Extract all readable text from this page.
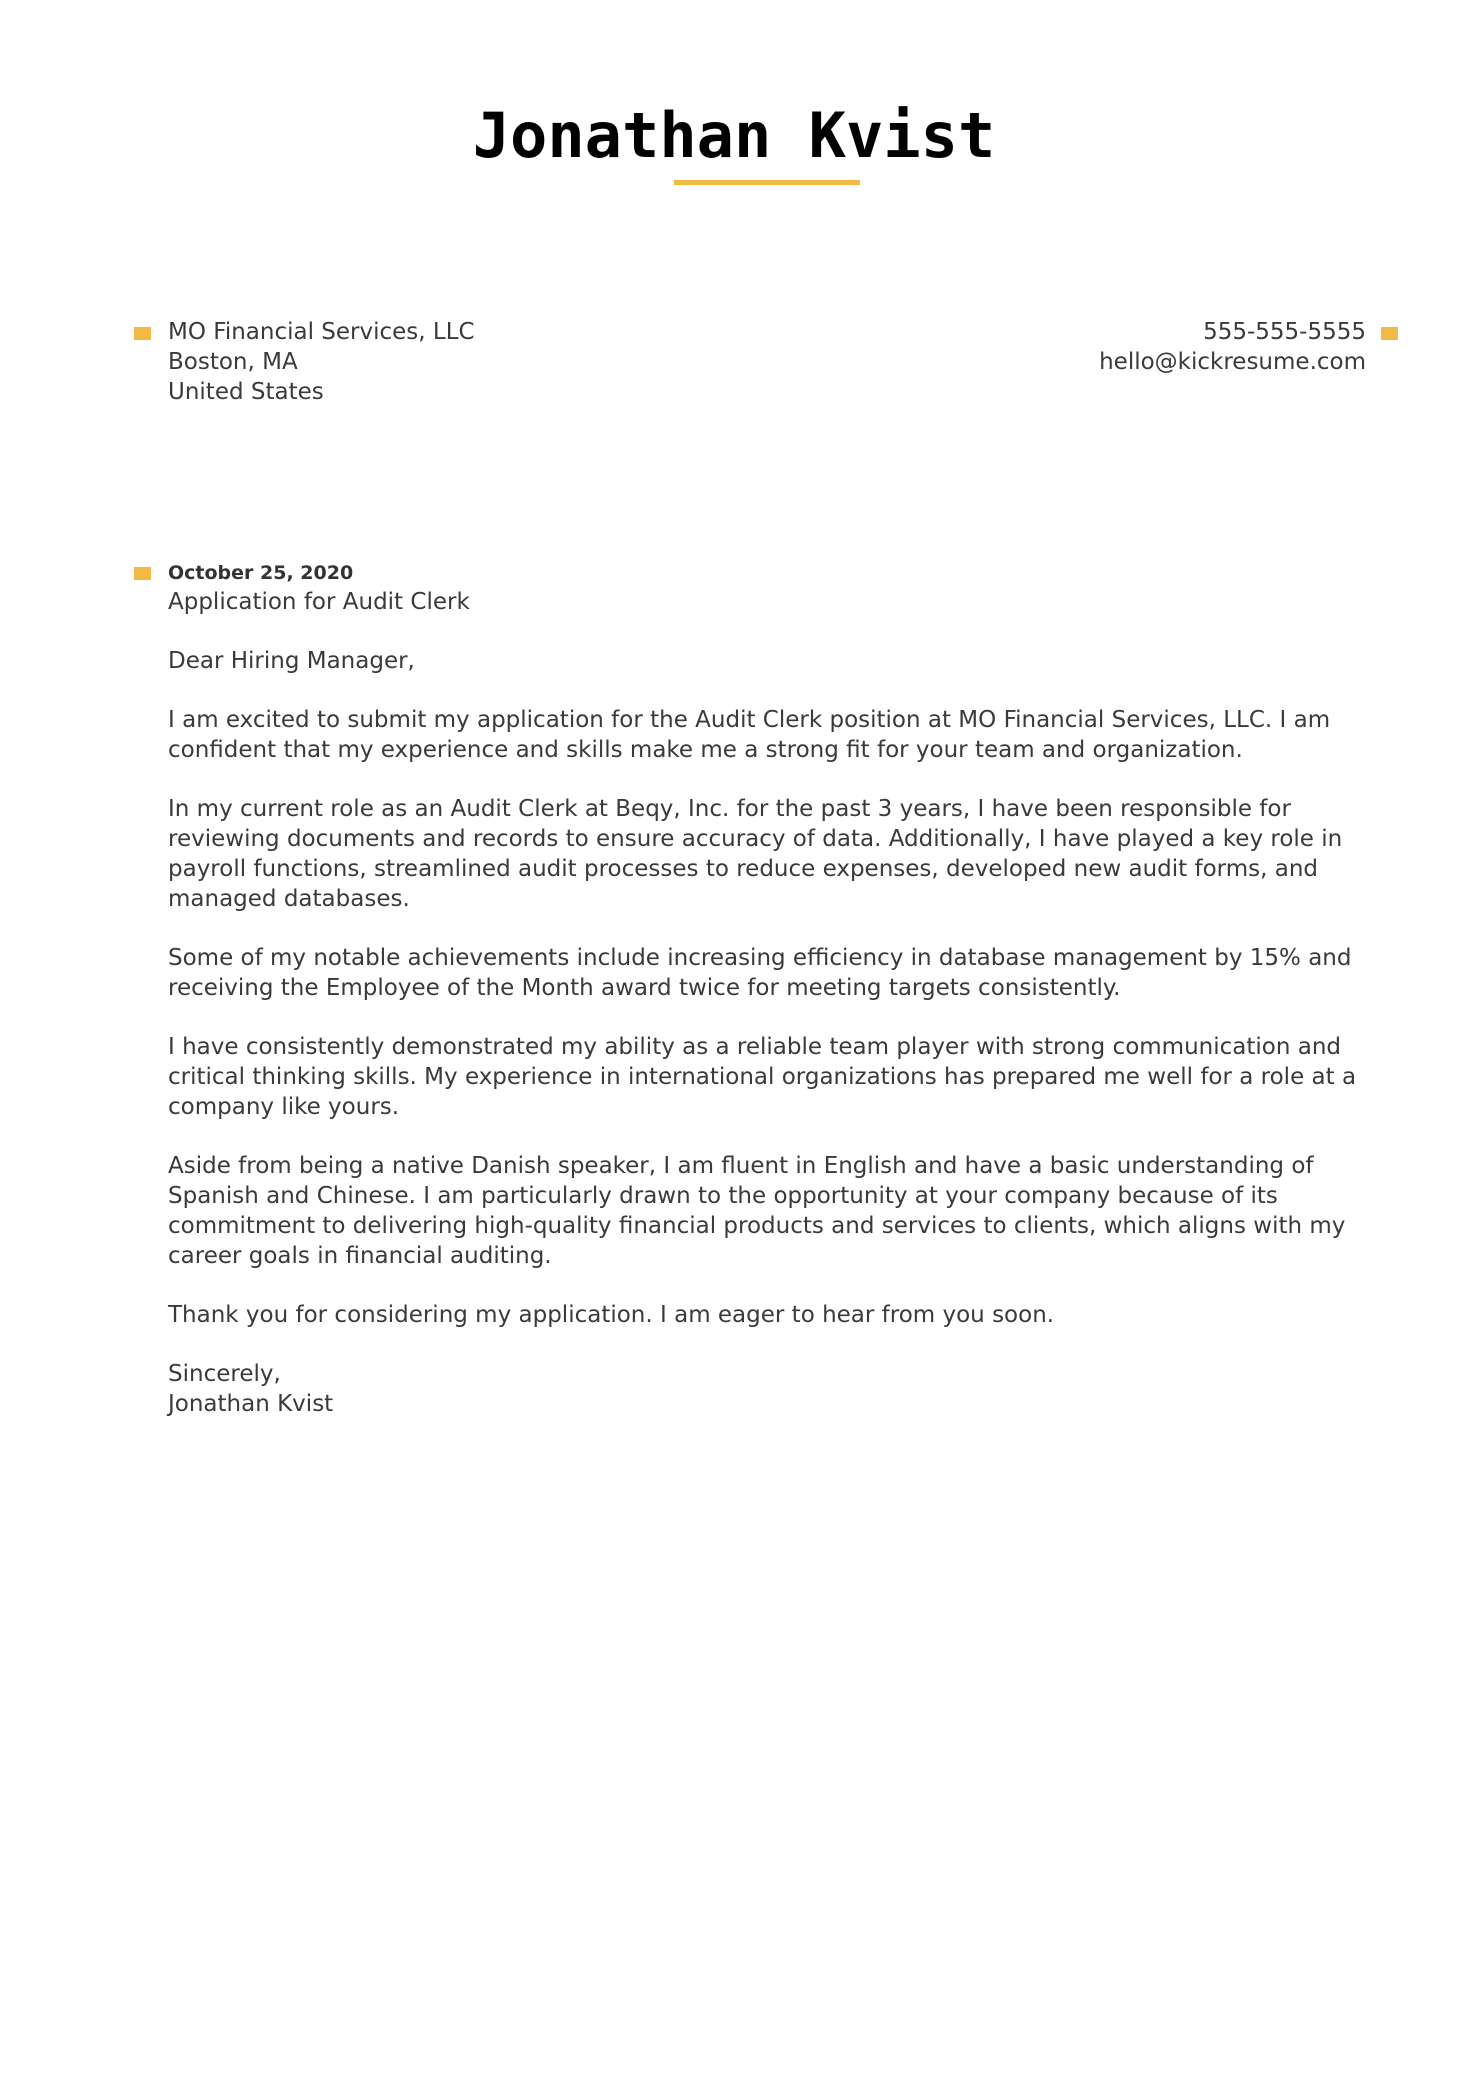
Jonathan Kvist
MO Financial Services, LLC
Boston, MA
United States
555-555-5555
hello@kickresume.com
October 25, 2020
Application for Audit Clerk

Dear Hiring Manager,

I am excited to submit my application for the Audit Clerk position at MO Financial Services, LLC. I am confident that my experience and skills make me a strong fit for your team and organization.

In my current role as an Audit Clerk at Beqy, Inc. for the past 3 years, I have been responsible for reviewing documents and records to ensure accuracy of data. Additionally, I have played a key role in payroll functions, streamlined audit processes to reduce expenses, developed new audit forms, and managed databases.

Some of my notable achievements include increasing efficiency in database management by 15% and receiving the Employee of the Month award twice for meeting targets consistently.

I have consistently demonstrated my ability as a reliable team player with strong communication and critical thinking skills. My experience in international organizations has prepared me well for a role at a company like yours.

Aside from being a native Danish speaker, I am fluent in English and have a basic understanding of Spanish and Chinese. I am particularly drawn to the opportunity at your company because of its commitment to delivering high-quality financial products and services to clients, which aligns with my career goals in financial auditing.

Thank you for considering my application. I am eager to hear from you soon.

Sincerely,
Jonathan Kvist
